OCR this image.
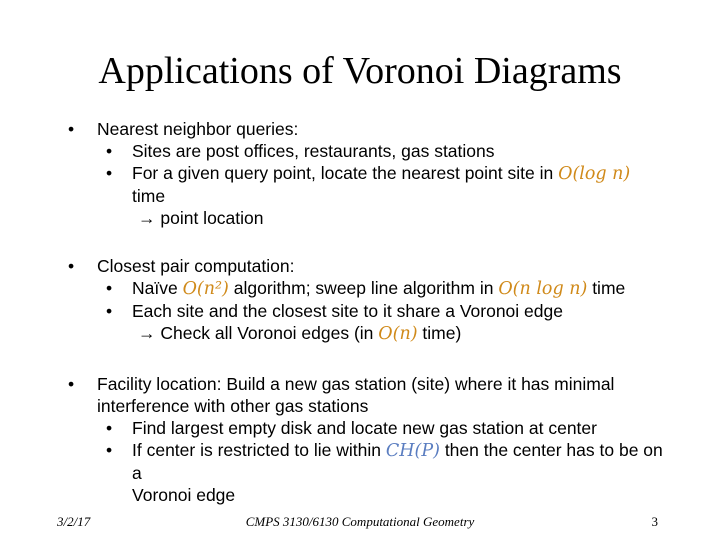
Applications of Voronoi Diagrams
• Nearest neighbor queries:
• Sites are post offices, restaurants, gas stations
• For a given query point, locate the nearest point site in O(log n) time
→ point location
• Closest pair computation:
• Naïve O(n²) algorithm; sweep line algorithm in O(n log n) time
• Each site and the closest site to it share a Voronoi edge
→ Check all Voronoi edges (in O(n) time)
• Facility location: Build a new gas station (site) where it has minimal
interference with other gas stations
• Find largest empty disk and locate new gas station at center
• If center is restricted to lie within CH(P) then the center has to be on a
Voronoi edge
3/2/17	CMPS 3130/6130 Computational Geometry	3
